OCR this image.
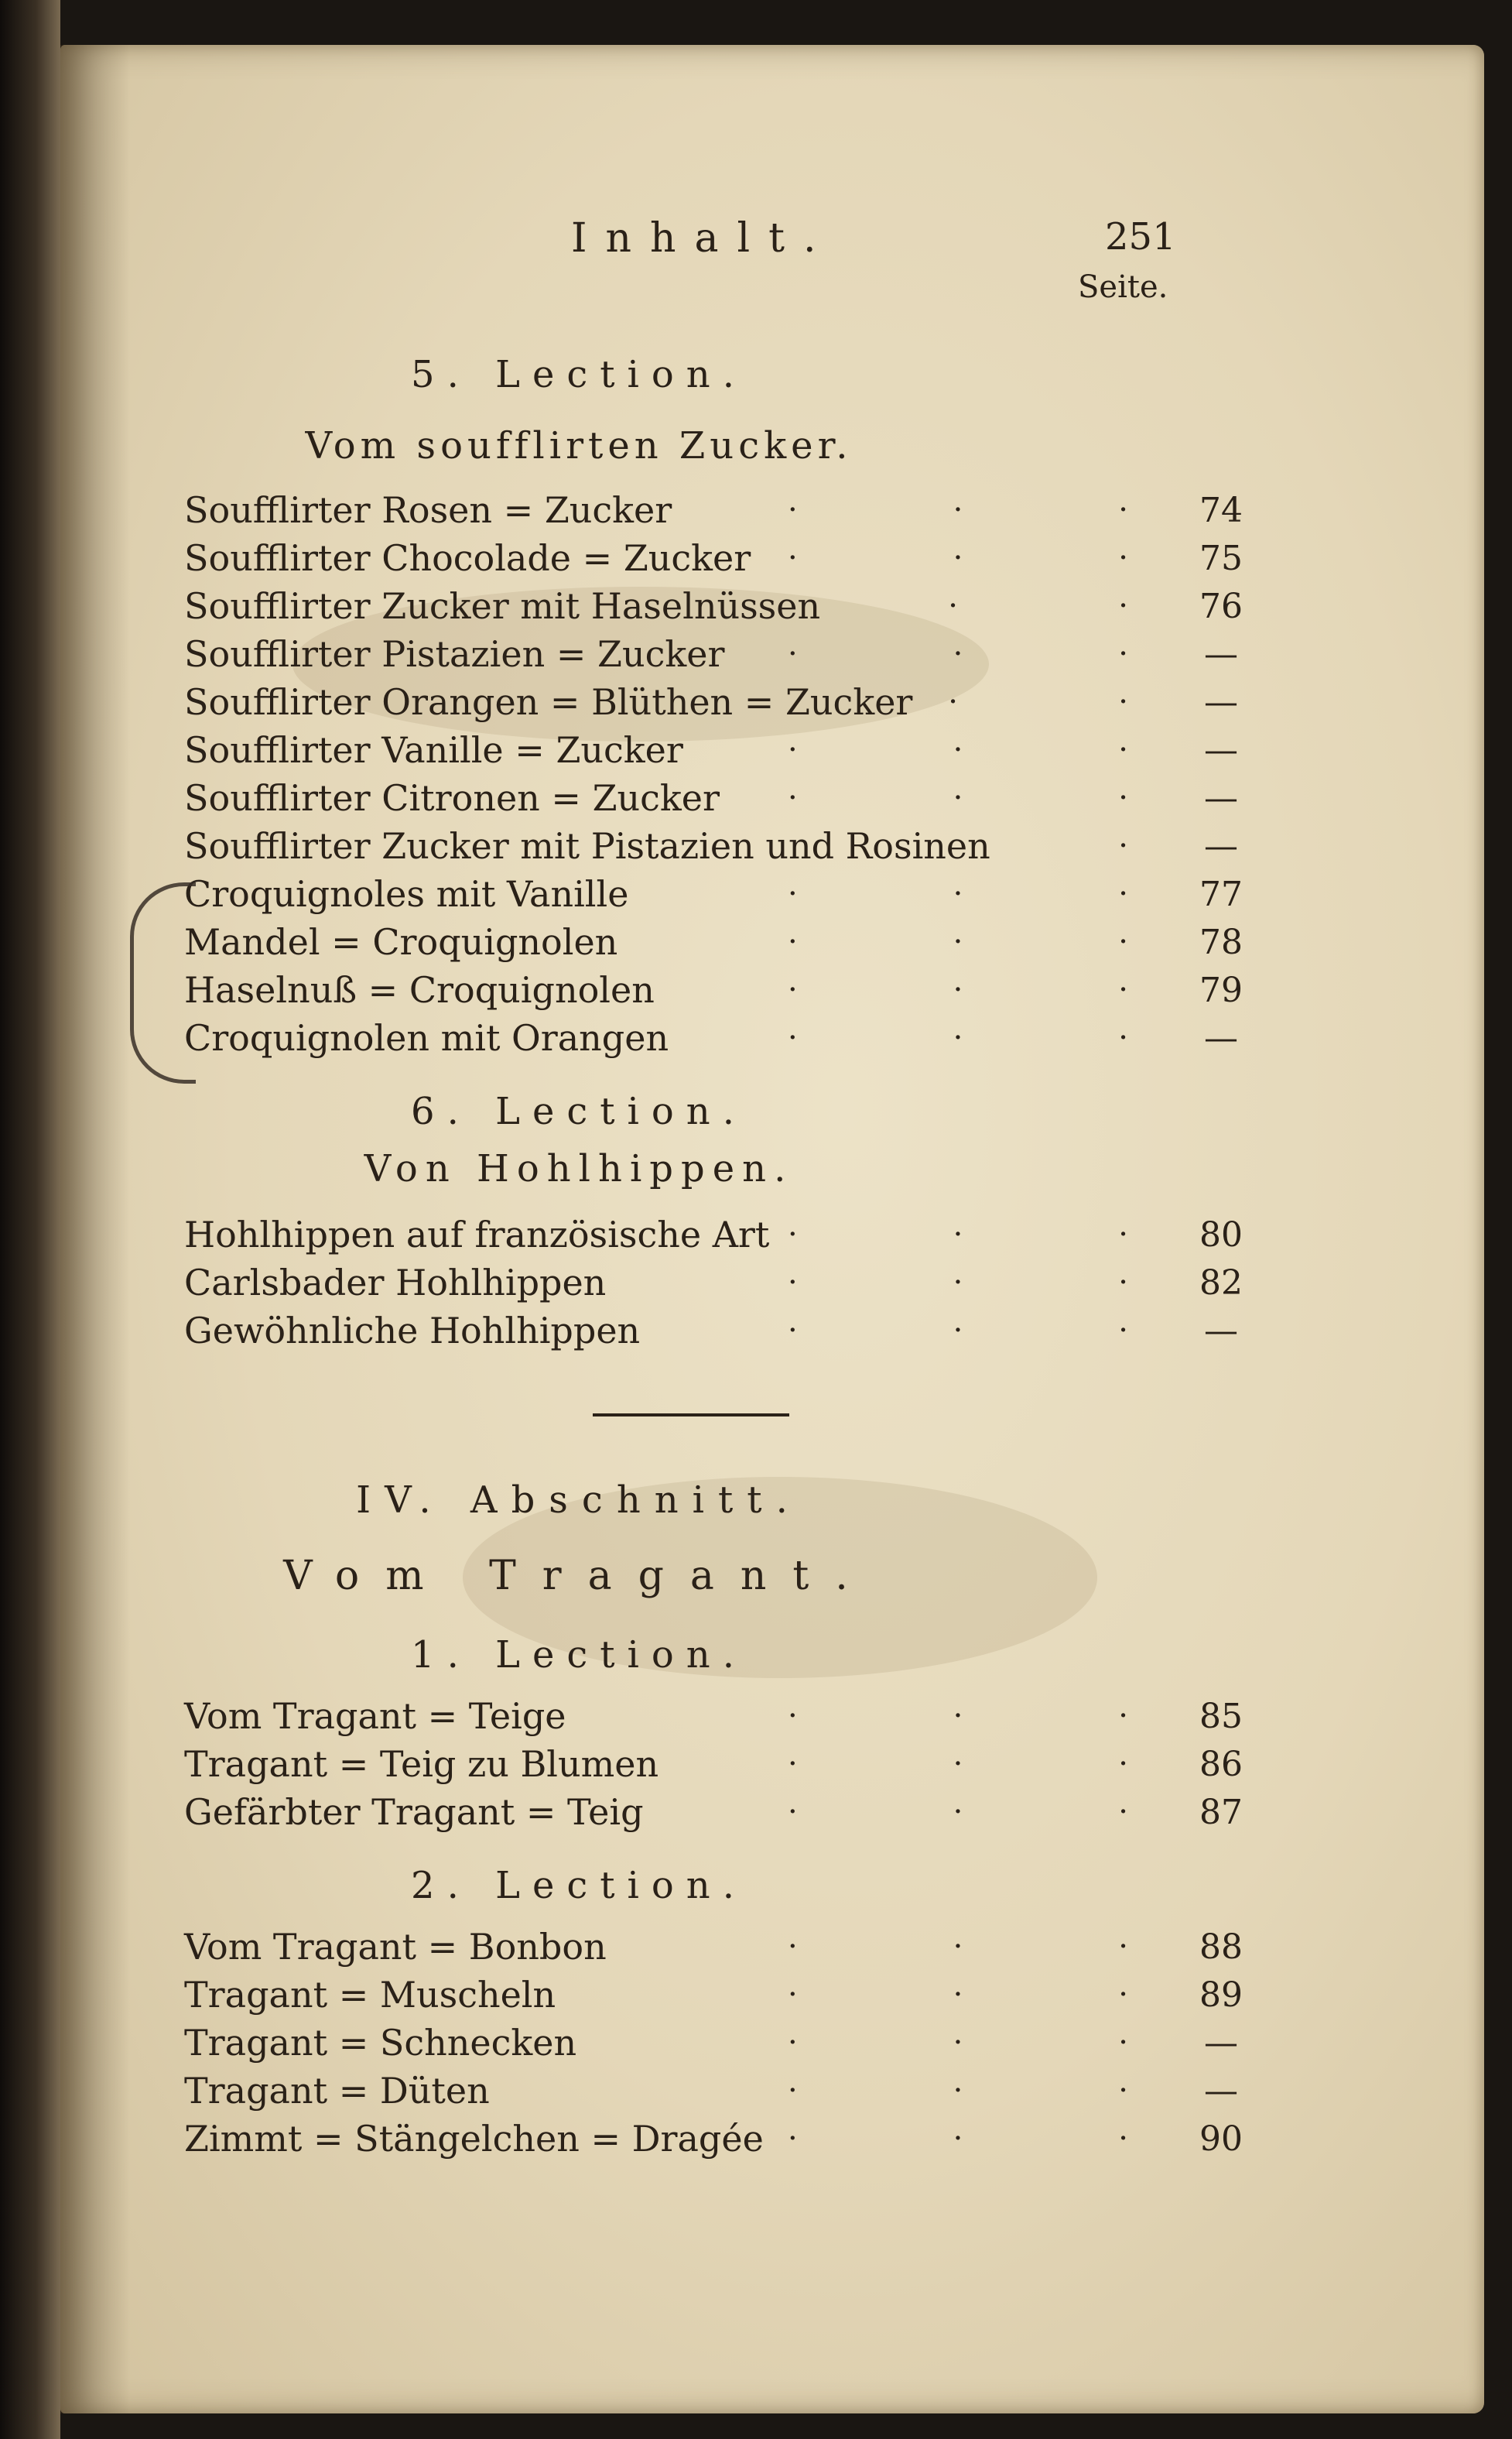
Inhalt.	251
Seite.
5. Lection.
Vom soufflirten Zucker.
Soufflirter Rosen = Zucker	·	·	·	74
Soufflirter Chocolade = Zucker ·	·	·	75
Soufflirter Zucker mit Haselnüssen	·	·	76
Soufflirter Pistazien = Zucker ·	·	·	—
Soufflirter Orangen = Blüthen = Zucker ·	·	—
Soufflirter Vanille = Zucker	·	·	·	—
Soufflirter Citronen = Zucker ·	·	·	—
Soufflirter Zucker mit Pistazien und Rosinen	·	—
Croquignoles mit Vanille	·	·	·	77
Mandel = Croquignolen	·	·	·	78
Haselnuß = Croquignolen	·	·	·	79
Croquignolen mit Orangen	·	·	·	—
6. Lection.
Von Hohlhippen.
Hohlhippen auf französische Art ·	·	·	80
Carlsbader Hohlhippen	·	·	·	82
Gewöhnliche Hohlhippen	·	·	·	—
IV. Abschnitt.
Vom Tragant.
1. Lection.
Vom Tragant = Teige	·	·	·	85
Tragant = Teig zu Blumen	·	·	·	86
Gefärbter Tragant = Teig	·	·	·	87
2. Lection.
Vom Tragant = Bonbon	·	·	·	88
Tragant = Muscheln	·	·	·	89
Tragant = Schnecken	·	·	·	—
Tragant = Düten	·	·	·	—
Zimmt = Stängelchen = Dragée ·	·	·	90
